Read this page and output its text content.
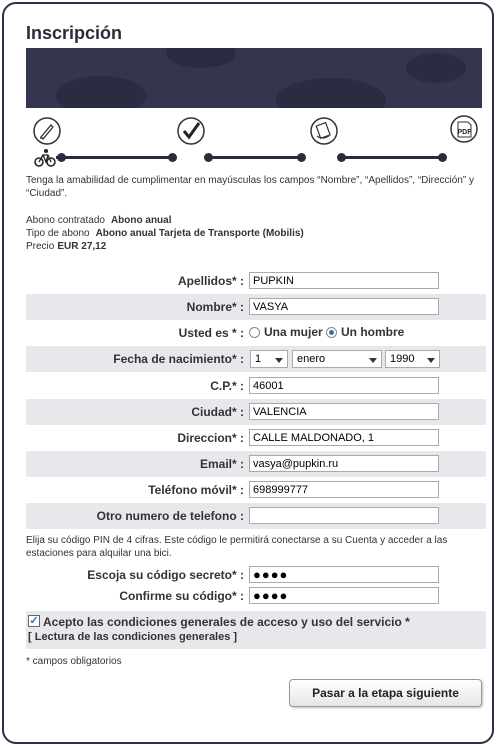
Inscripción
PDF
Tenga la amabilidad de cumplimentar en mayúsculas los campos “Nombre”, “Apellidos”, “Dirección” y “Ciudad”.
Abono contratado Abono anual
Tipo de abono Abono anual Tarjeta de Transporte (Mobilis)
Precio EUR 27,12
Apellidos* :
PUPKIN
Nombre* :
VASYA
Usted es * : Una mujer Un hombre
Fecha de nacimiento* :	1	enero	1990
C.P.* :
46001
Ciudad* :
VALENCIA
Direccion* :
CALLE MALDONADO, 1
Email* :
vasya@pupkin.ru
Teléfono móvil* :
698999777
Otro numero de telefono :
Elija su código PIN de 4 cifras. Este código le permitirá conectarse a su Cuenta y acceder a las estaciones para alquilar una bici.
Escoja su código secreto* :
●●●●
Confirme su código* :
●●●●
✓ Acepto las condiciones generales de acceso y uso del servicio *
[ Lectura de las condiciones generales ]
* campos obligatorios
Pasar a la etapa siguiente
